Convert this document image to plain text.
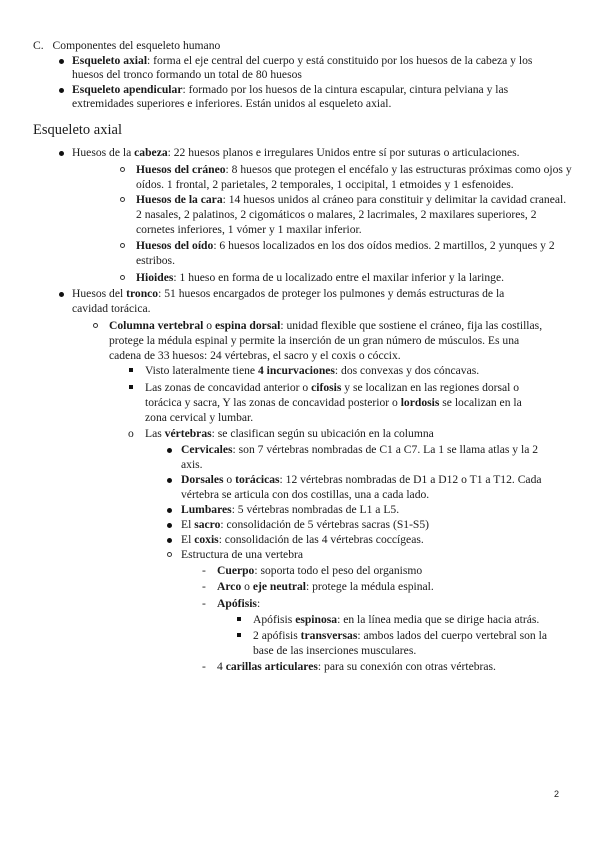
C. Componentes del esqueleto humano
Esqueleto axial: forma el eje central del cuerpo y está constituido por los huesos de la cabeza y los
huesos del tronco formando un total de 80 huesos
Esqueleto apendicular: formado por los huesos de la cintura escapular, cintura pelviana y las
extremidades superiores e inferiores. Están unidos al esqueleto axial.
Esqueleto axial
Huesos de la cabeza: 22 huesos planos e irregulares Unidos entre sí por suturas o articulaciones.
Huesos del cráneo: 8 huesos que protegen el encéfalo y las estructuras próximas como ojos y
oídos. 1 frontal, 2 parietales, 2 temporales, 1 occipital, 1 etmoides y 1 esfenoides.
Huesos de la cara: 14 huesos unidos al cráneo para constituir y delimitar la cavidad craneal.
2 nasales, 2 palatinos, 2 cigomáticos o malares, 2 lacrimales, 2 maxilares superiores, 2
cornetes inferiores, 1 vómer y 1 maxilar inferior.
Huesos del oído: 6 huesos localizados en los dos oídos medios. 2 martillos, 2 yunques y 2
estribos.
Hioides: 1 hueso en forma de u localizado entre el maxilar inferior y la laringe.
Huesos del tronco: 51 huesos encargados de proteger los pulmones y demás estructuras de la
cavidad torácica.
Columna vertebral o espina dorsal: unidad flexible que sostiene el cráneo, fija las costillas,
protege la médula espinal y permite la inserción de un gran número de músculos. Es una
cadena de 33 huesos: 24 vértebras, el sacro y el coxis o cóccix.
Visto lateralmente tiene 4 incurvaciones: dos convexas y dos cóncavas.
Las zonas de concavidad anterior o cifosis y se localizan en las regiones dorsal o
torácica y sacra, Y las zonas de concavidad posterior o lordosis se localizan en la
zona cervical y lumbar.
o Las vértebras: se clasifican según su ubicación en la columna
Cervicales: son 7 vértebras nombradas de C1 a C7. La 1 se llama atlas y la 2
axis.
Dorsales o torácicas: 12 vértebras nombradas de D1 a D12 o T1 a T12. Cada
vértebra se articula con dos costillas, una a cada lado.
Lumbares: 5 vértebras nombradas de L1 a L5.
El sacro: consolidación de 5 vértebras sacras (S1-S5)
El coxis: consolidación de las 4 vértebras coccígeas.
Estructura de una vertebra
- Cuerpo: soporta todo el peso del organismo
- Arco o eje neutral: protege la médula espinal.
- Apófisis:
Apófisis espinosa: en la línea media que se dirige hacia atrás.
2 apófisis transversas: ambos lados del cuerpo vertebral son la
base de las inserciones musculares.
- 4 carillas articulares: para su conexión con otras vértebras.
2
